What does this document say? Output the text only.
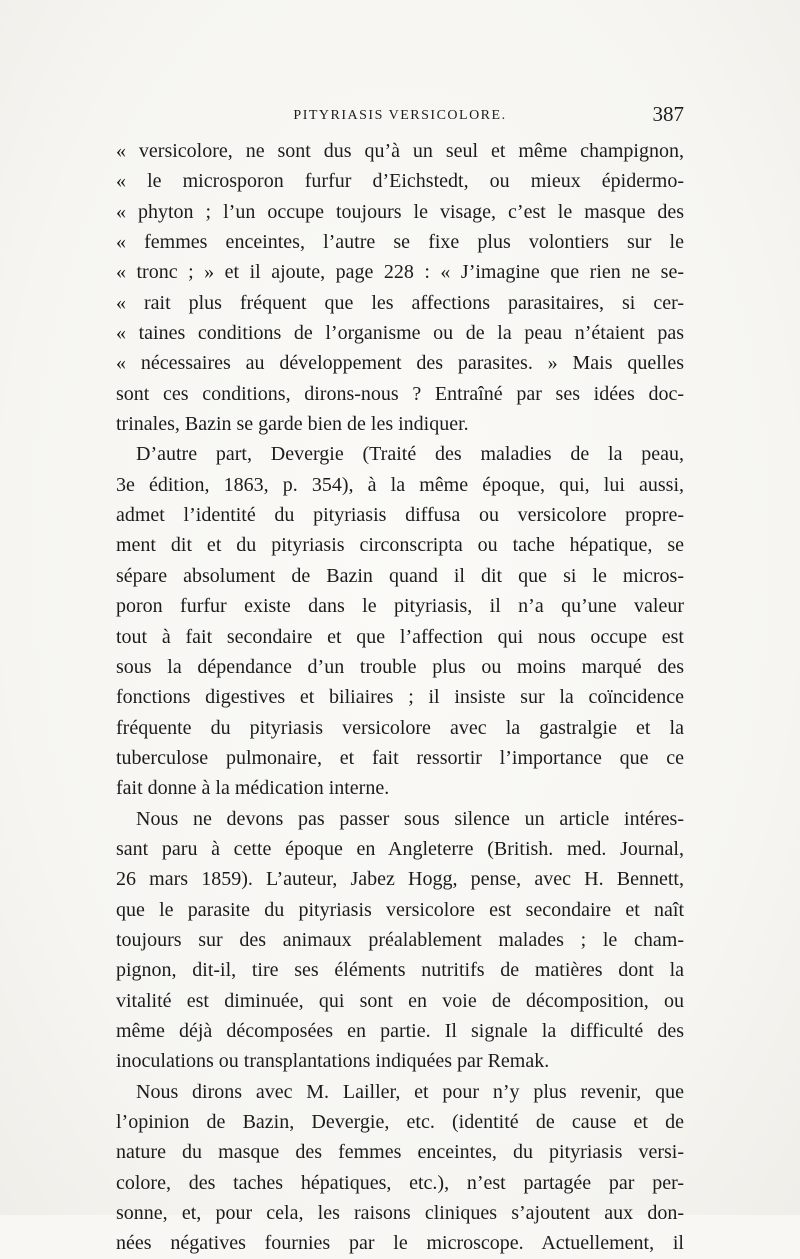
PITYRIASIS VERSICOLORE.	387
« versicolore, ne sont dus qu’à un seul et même champignon,
« le microsporon furfur d’Eichstedt, ou mieux épidermo-
« phyton ; l’un occupe toujours le visage, c’est le masque des
« femmes enceintes, l’autre se fixe plus volontiers sur le
« tronc ; » et il ajoute, page 228 : « J’imagine que rien ne se-
« rait plus fréquent que les affections parasitaires, si cer-
« taines conditions de l’organisme ou de la peau n’étaient pas
« nécessaires au développement des parasites. » Mais quelles
sont ces conditions, dirons-nous ? Entraîné par ses idées doc-
trinales, Bazin se garde bien de les indiquer.
D’autre part, Devergie (Traité des maladies de la peau,
3e édition, 1863, p. 354), à la même époque, qui, lui aussi,
admet l’identité du pityriasis diffusa ou versicolore propre-
ment dit et du pityriasis circonscripta ou tache hépatique, se
sépare absolument de Bazin quand il dit que si le micros-
poron furfur existe dans le pityriasis, il n’a qu’une valeur
tout à fait secondaire et que l’affection qui nous occupe est
sous la dépendance d’un trouble plus ou moins marqué des
fonctions digestives et biliaires ; il insiste sur la coïncidence
fréquente du pityriasis versicolore avec la gastralgie et la
tuberculose pulmonaire, et fait ressortir l’importance que ce
fait donne à la médication interne.
Nous ne devons pas passer sous silence un article intéres-
sant paru à cette époque en Angleterre (British. med. Journal,
26 mars 1859). L’auteur, Jabez Hogg, pense, avec H. Bennett,
que le parasite du pityriasis versicolore est secondaire et naît
toujours sur des animaux préalablement malades ; le cham-
pignon, dit-il, tire ses éléments nutritifs de matières dont la
vitalité est diminuée, qui sont en voie de décomposition, ou
même déjà décomposées en partie. Il signale la difficulté des
inoculations ou transplantations indiquées par Remak.
Nous dirons avec M. Lailler, et pour n’y plus revenir, que
l’opinion de Bazin, Devergie, etc. (identité de cause et de
nature du masque des femmes enceintes, du pityriasis versi-
colore, des taches hépatiques, etc.), n’est partagée par per-
sonne, et, pour cela, les raisons cliniques s’ajoutent aux don-
nées négatives fournies par le microscope. Actuellement, il
